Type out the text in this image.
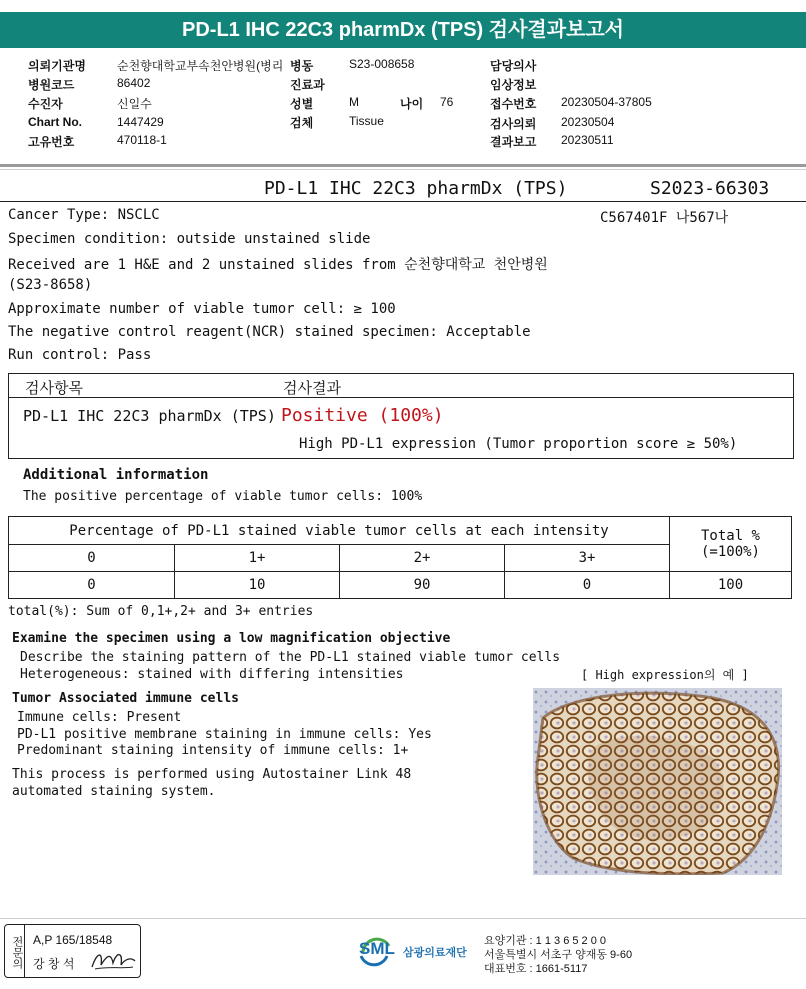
PD-L1 IHC 22C3 pharmDx (TPS) 검사결과보고서
의뢰기관명	순천향대학교부속천안병원(병리 병동	S23-008658	담당의사
병원코드	86402	진료과	임상정보
수진자	신일수	성별	M	나이 76	접수번호 20230504-37805
Chart No.	1447429	검체	Tissue	검사의뢰 20230504
고유번호	470118-1	결과보고 20230511
PD-L1 IHC 22C3 pharmDx (TPS)	S2023-66303
Cancer Type: NSCLC	C567401F 나567나
Specimen condition: outside unstained slide
Received are 1 H&E and 2 unstained slides from 순천향대학교 천안병원
(S23-8658)
Approximate number of viable tumor cell: ≥ 100
The negative control reagent(NCR) stained specimen: Acceptable
Run control: Pass
검사항목	검사결과
PD-L1 IHC 22C3 pharmDx (TPS) Positive (100%)
High PD-L1 expression (Tumor proportion score ≥ 50%)
Additional information
The positive percentage of viable tumor cells: 100%
Percentage of PD-L1 stained viable tumor cells at each intensity				Total %
(=100%)

0	1+	2+	3+	
0	10	90	0	100
total(%): Sum of 0,1+,2+ and 3+ entries
Examine the specimen using a low magnification objective
Describe the staining pattern of the PD-L1 stained viable tumor cells
Heterogeneous: stained with differing intensities
Tumor Associated immune cells
Immune cells: Present
PD-L1 positive membrane staining in immune cells: Yes
Predominant staining intensity of immune cells: 1+
This process is performed using Autostainer Link 48
automated staining system.
[ High expression의 예 ]
전문의 A,P 165/18548
강 창 석
SML 삼광의료재단
요양기관 : 1 1 3 6 5 2 0 0
서울특별시 서초구 양재동 9-60
대표번호 : 1661-5117
